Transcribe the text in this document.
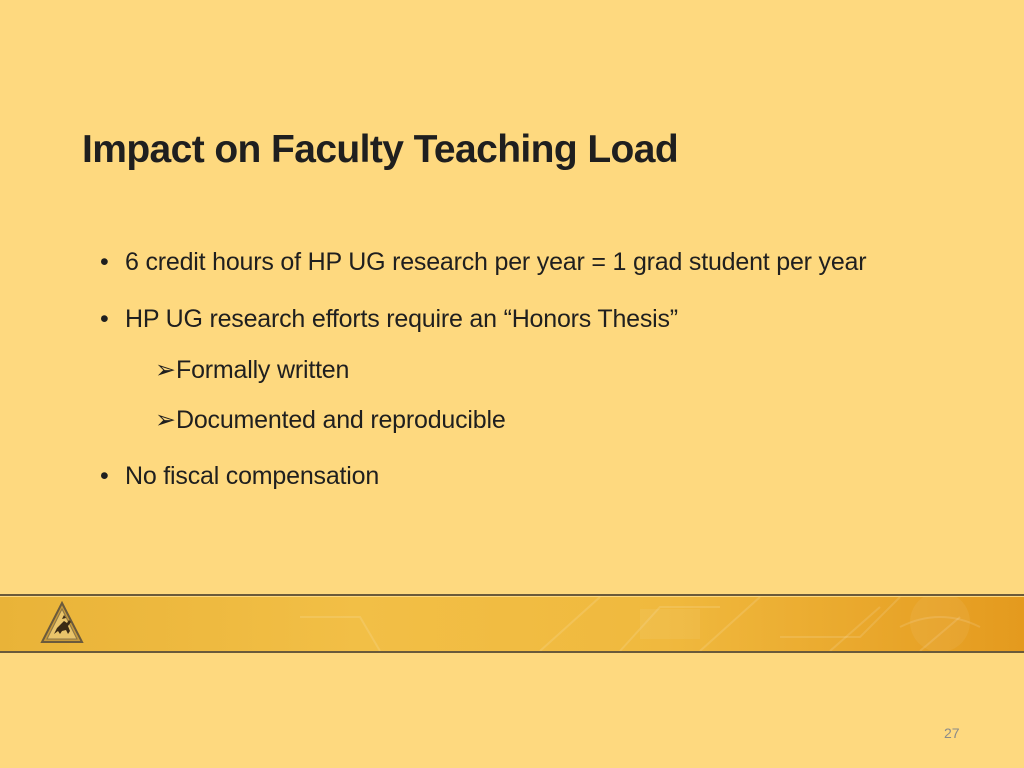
Impact on Faculty Teaching Load
• 6 credit hours of HP UG research per year = 1 grad student per year
• HP UG research efforts require an “Honors Thesis”
➢Formally written
➢Documented and reproducible
• No fiscal compensation
27
